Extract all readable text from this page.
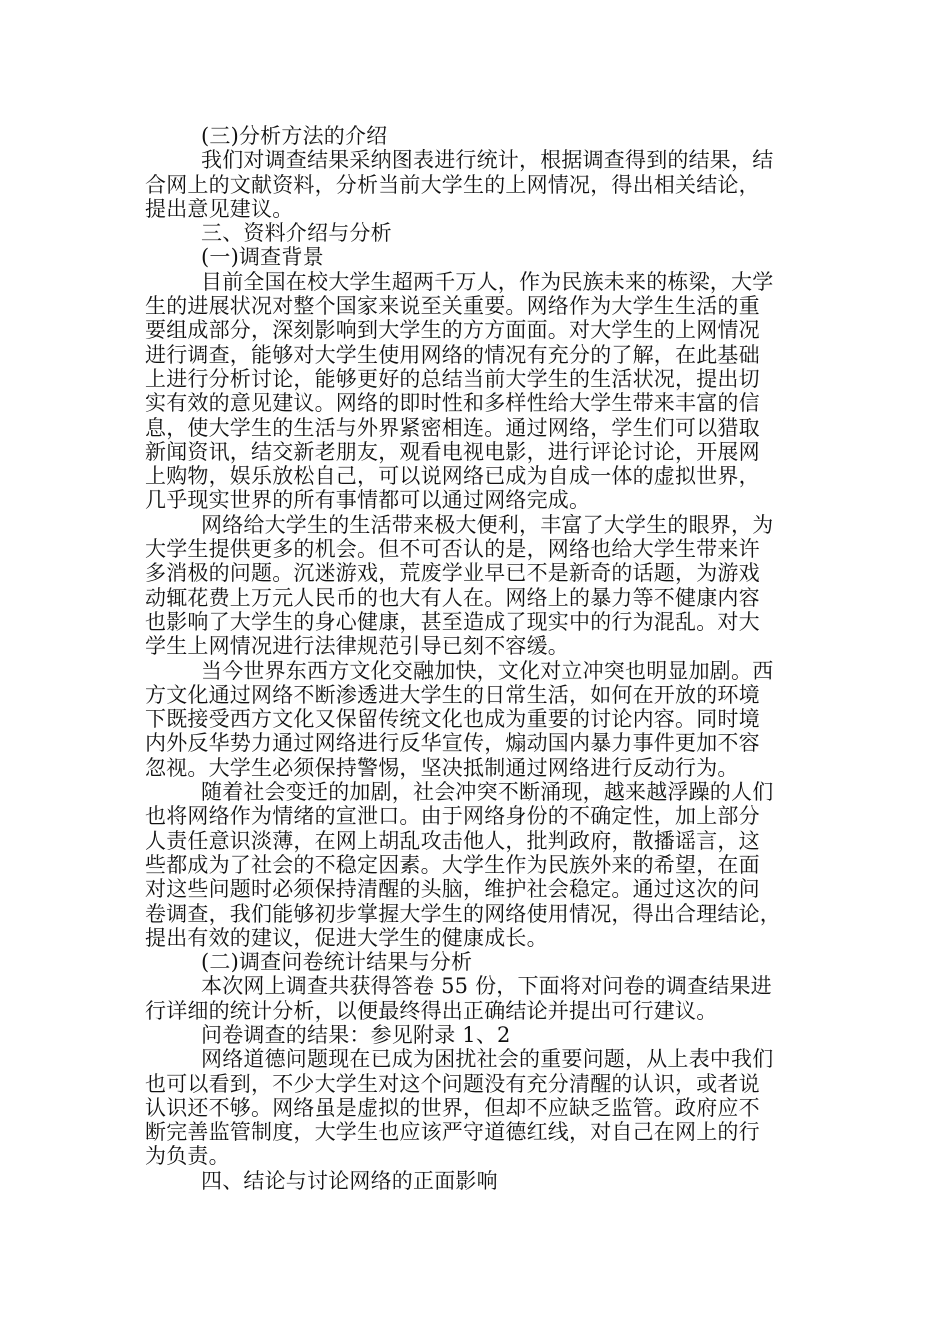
(三)分析方法的介绍
我们对调查结果采纳图表进行统计，根据调查得到的结果，结
合网上的文献资料，分析当前大学生的上网情况，得出相关结论，
提出意见建议。
三、资料介绍与分析
(一)调查背景
目前全国在校大学生超两千万人，作为民族未来的栋梁，大学
生的进展状况对整个国家来说至关重要。网络作为大学生生活的重
要组成部分，深刻影响到大学生的方方面面。对大学生的上网情况
进行调查，能够对大学生使用网络的情况有充分的了解，在此基础
上进行分析讨论，能够更好的总结当前大学生的生活状况，提出切
实有效的意见建议。网络的即时性和多样性给大学生带来丰富的信
息，使大学生的生活与外界紧密相连。通过网络，学生们可以猎取
新闻资讯，结交新老朋友，观看电视电影，进行评论讨论，开展网
上购物，娱乐放松自己，可以说网络已成为自成一体的虚拟世界，
几乎现实世界的所有事情都可以通过网络完成。
网络给大学生的生活带来极大便利，丰富了大学生的眼界，为
大学生提供更多的机会。但不可否认的是，网络也给大学生带来许
多消极的问题。沉迷游戏，荒废学业早已不是新奇的话题，为游戏
动辄花费上万元人民币的也大有人在。网络上的暴力等不健康内容
也影响了大学生的身心健康，甚至造成了现实中的行为混乱。对大
学生上网情况进行法律规范引导已刻不容缓。
当今世界东西方文化交融加快，文化对立冲突也明显加剧。西
方文化通过网络不断渗透进大学生的日常生活，如何在开放的环境
下既接受西方文化又保留传统文化也成为重要的讨论内容。同时境
内外反华势力通过网络进行反华宣传，煽动国内暴力事件更加不容
忽视。大学生必须保持警惕，坚决抵制通过网络进行反动行为。
随着社会变迁的加剧，社会冲突不断涌现，越来越浮躁的人们
也将网络作为情绪的宣泄口。由于网络身份的不确定性，加上部分
人责任意识淡薄，在网上胡乱攻击他人，批判政府，散播谣言，这
些都成为了社会的不稳定因素。大学生作为民族外来的希望，在面
对这些问题时必须保持清醒的头脑，维护社会稳定。通过这次的问
卷调查，我们能够初步掌握大学生的网络使用情况，得出合理结论，
提出有效的建议，促进大学生的健康成长。
(二)调查问卷统计结果与分析
本次网上调查共获得答卷 55 份，下面将对问卷的调查结果进
行详细的统计分析，以便最终得出正确结论并提出可行建议。
问卷调查的结果：参见附录 1、2
网络道德问题现在已成为困扰社会的重要问题，从上表中我们
也可以看到，不少大学生对这个问题没有充分清醒的认识，或者说
认识还不够。网络虽是虚拟的世界，但却不应缺乏监管。政府应不
断完善监管制度，大学生也应该严守道德红线，对自己在网上的行
为负责。
四、结论与讨论网络的正面影响
